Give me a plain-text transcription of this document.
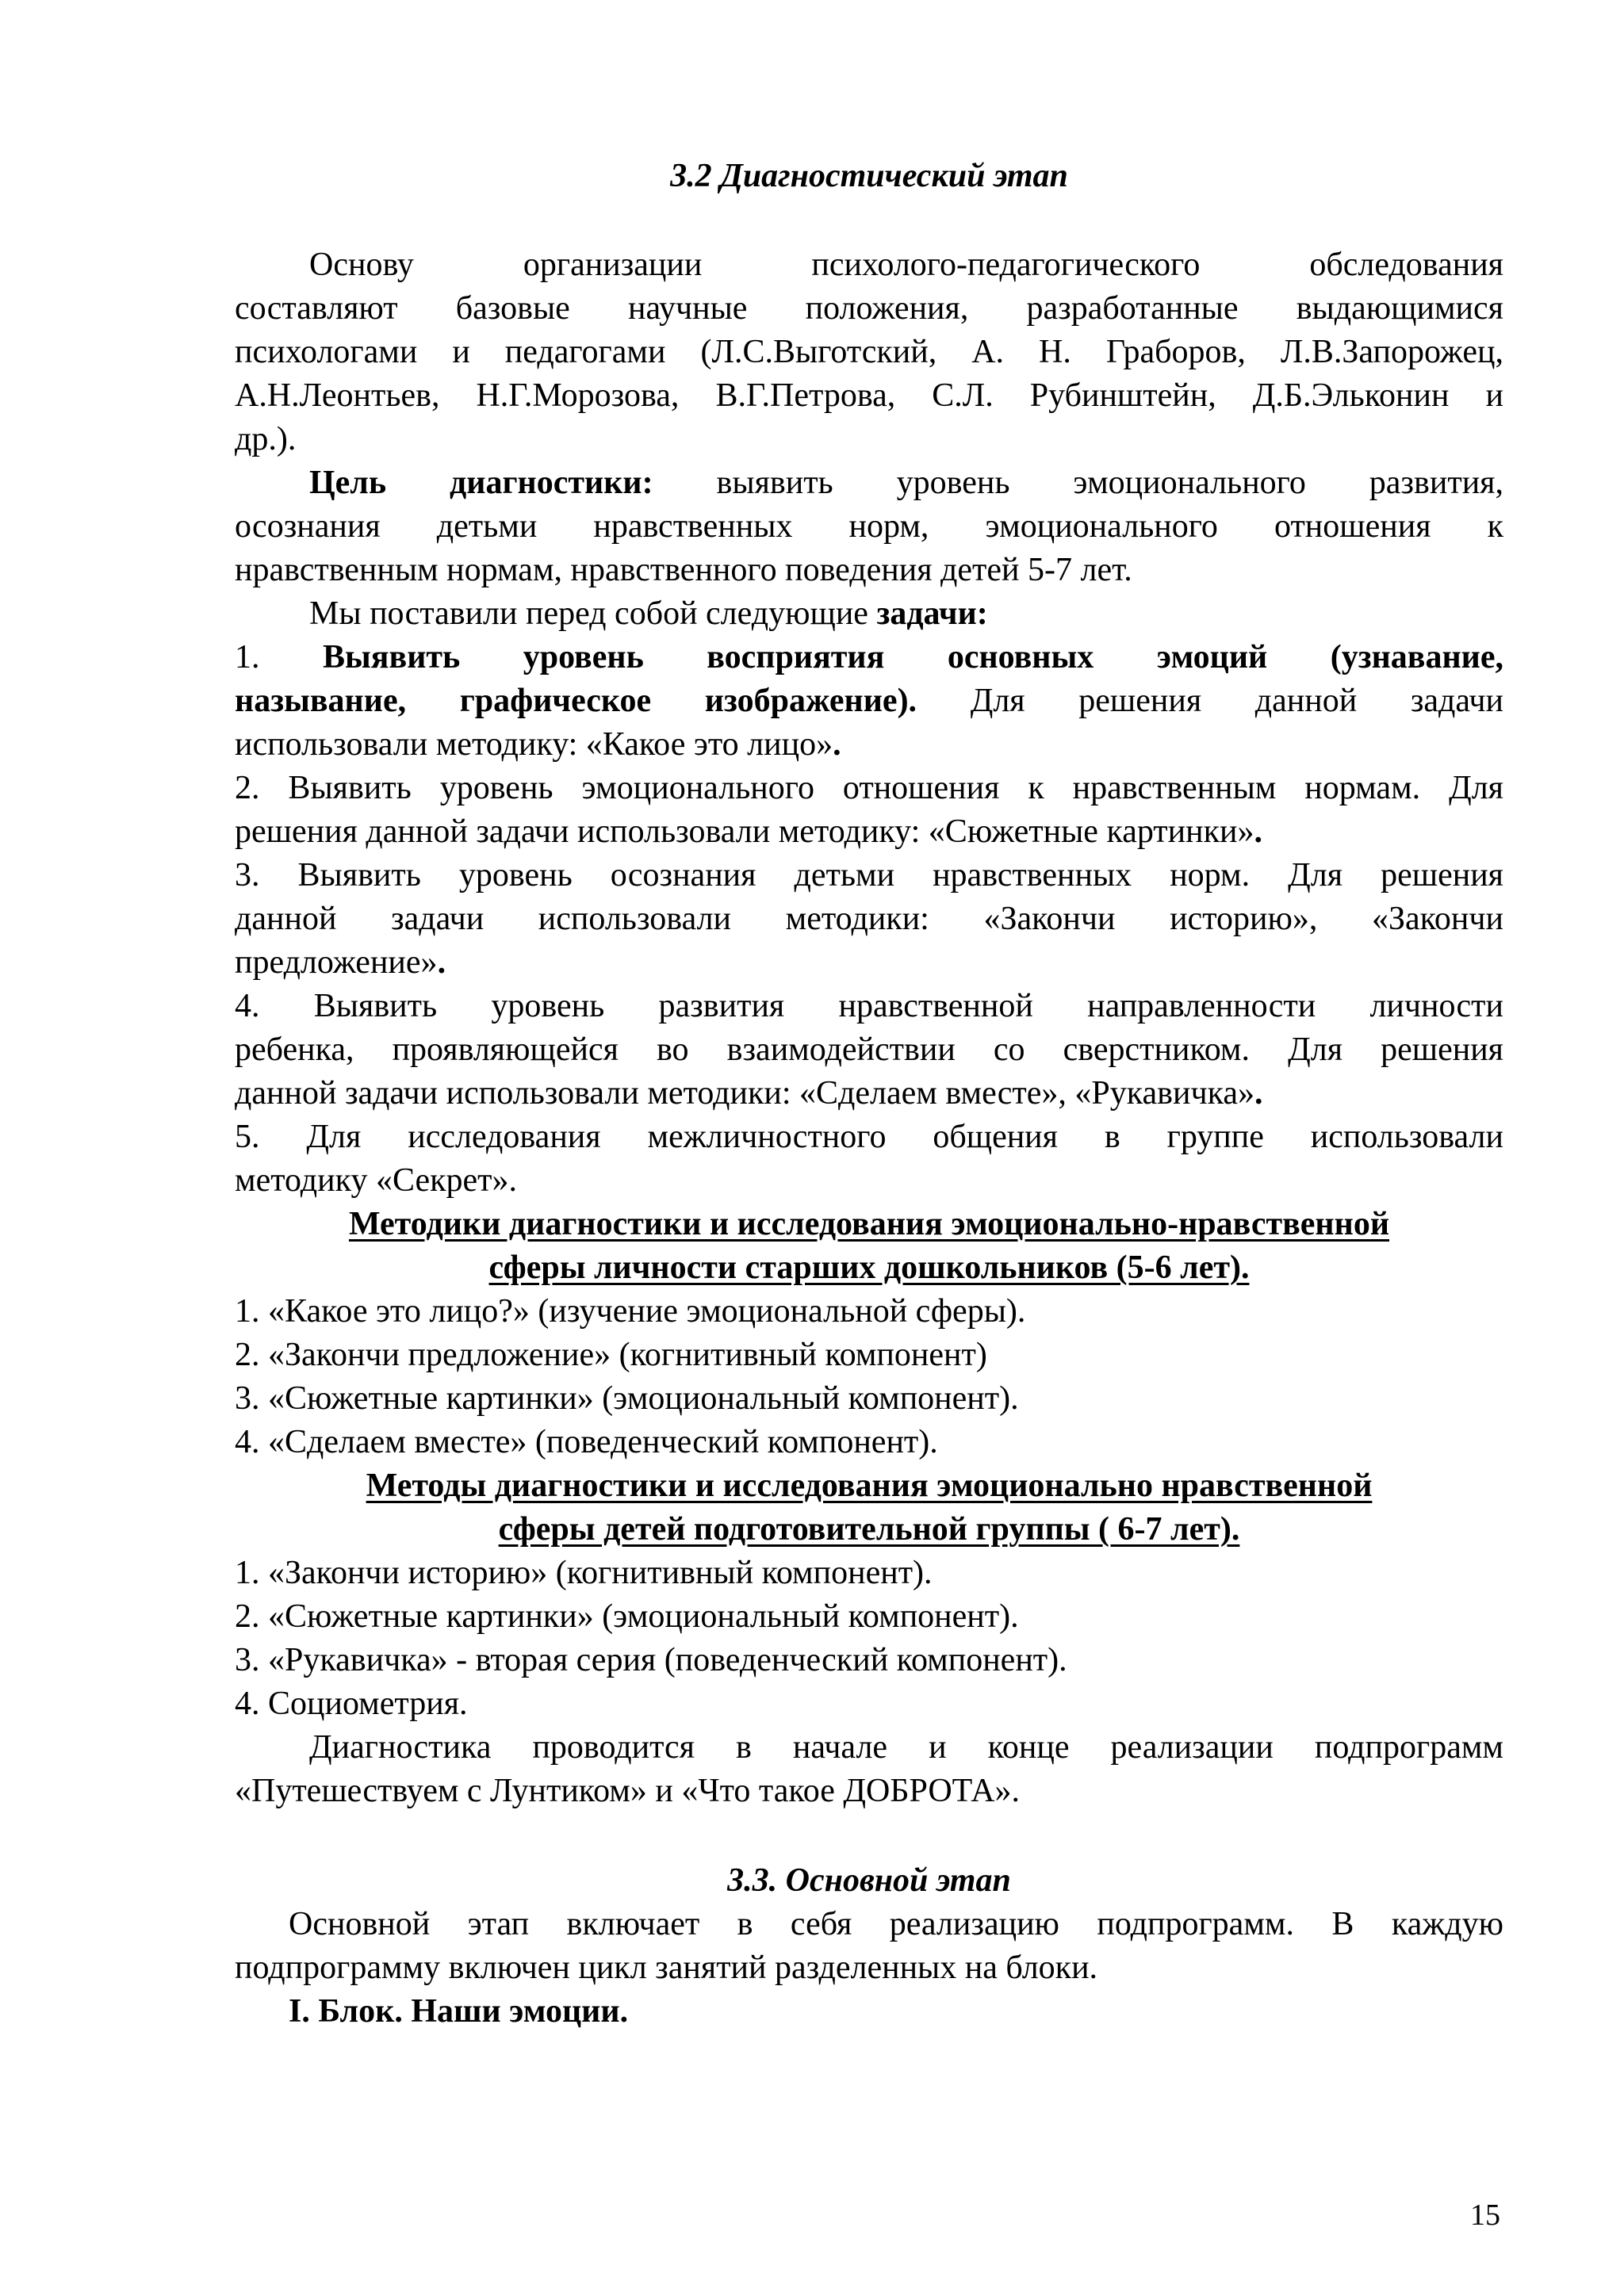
3.2 Диагностический этап
Основу организации психолого-педагогического обследования
составляют базовые научные положения, разработанные выдающимися
психологами и педагогами (Л.С.Выготский, А. Н. Граборов, Л.В.Запорожец,
А.Н.Леонтьев, Н.Г.Морозова, В.Г.Петрова, С.Л. Рубинштейн, Д.Б.Эльконин и
др.).
Цель диагностики: выявить уровень эмоционального развития,
осознания детьми нравственных норм, эмоционального отношения к
нравственным нормам, нравственного поведения детей 5-7 лет.
Мы поставили перед собой следующие задачи:
1. Выявить уровень восприятия основных эмоций (узнавание,
называние, графическое изображение). Для решения данной задачи
использовали методику: «Какое это лицо».
2. Выявить уровень эмоционального отношения к нравственным нормам. Для
решения данной задачи использовали методику: «Сюжетные картинки».
3. Выявить уровень осознания детьми нравственных норм. Для решения
данной задачи использовали методики: «Закончи историю», «Закончи
предложение».
4. Выявить уровень развития нравственной направленности личности
ребенка, проявляющейся во взаимодействии со сверстником. Для решения
данной задачи использовали методики: «Сделаем вместе», «Рукавичка».
5. Для исследования межличностного общения в группе использовали
методику «Секрет».
Методики диагностики и исследования эмоционально-нравственной
сферы личности старших дошкольников (5-6 лет).
1. «Какое это лицо?» (изучение эмоциональной сферы).
2. «Закончи предложение» (когнитивный компонент)
3. «Сюжетные картинки» (эмоциональный компонент).
4. «Сделаем вместе» (поведенческий компонент).
Методы диагностики и исследования эмоционально нравственной
сферы детей подготовительной группы ( 6-7 лет).
1. «Закончи историю» (когнитивный компонент).
2. «Сюжетные картинки» (эмоциональный компонент).
3. «Рукавичка» - вторая серия (поведенческий компонент).
4. Социометрия.
Диагностика проводится в начале и конце реализации подпрограмм
«Путешествуем с Лунтиком» и «Что такое ДОБРОТА».
3.3. Основной этап
Основной этап включает в себя реализацию подпрограмм. В каждую
подпрограмму включен цикл занятий разделенных на блоки.
I. Блок. Наши эмоции.
15
